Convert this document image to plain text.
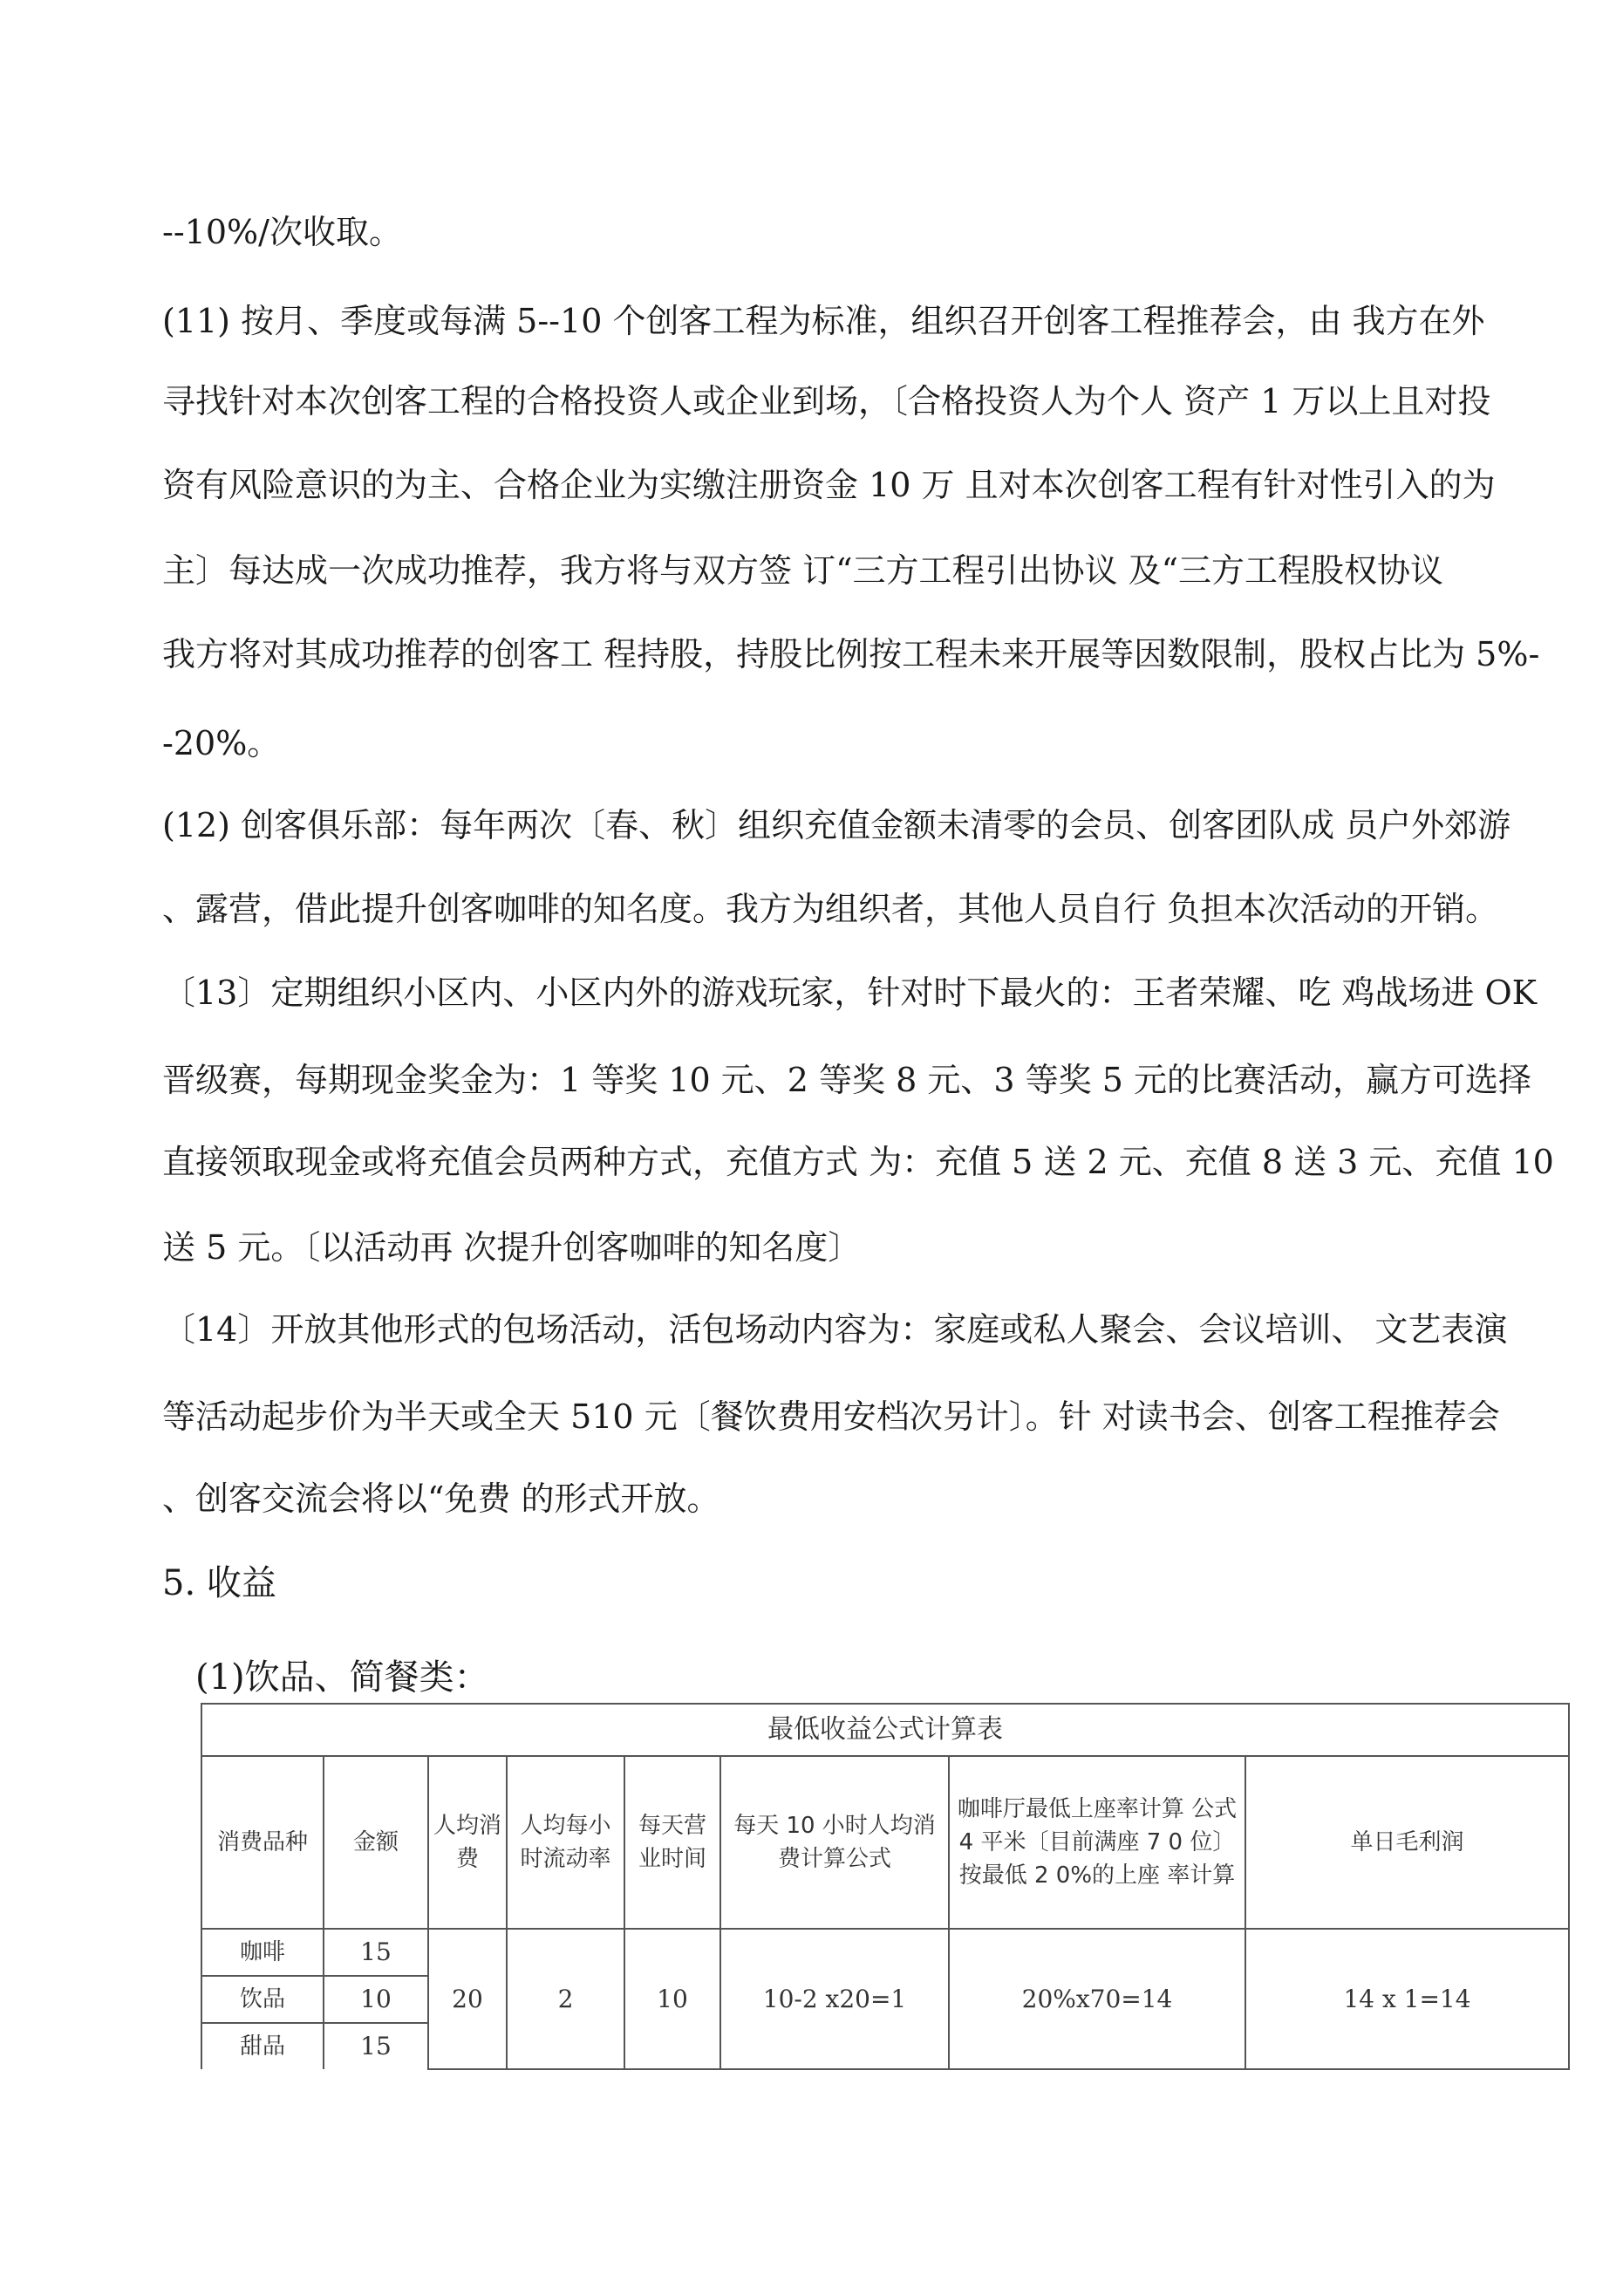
--10%/次收取。
(11) 按月、季度或每满 5--10 个创客工程为标准，组织召开创客工程推荐会，由 我方在外
寻找针对本次创客工程的合格投资人或企业到场，〔合格投资人为个人 资产 1 万以上且对投
资有风险意识的为主、合格企业为实缴注册资金 10 万 且对本次创客工程有针对性引入的为
主〕每达成一次成功推荐，我方将与双方签 订“三方工程引出协议 及“三方工程股权协议
我方将对其成功推荐的创客工 程持股，持股比例按工程未来开展等因数限制，股权占比为 5%-
-20%。
(12) 创客俱乐部：每年两次〔春、秋〕组织充值金额未清零的会员、创客团队成 员户外郊游
、露营，借此提升创客咖啡的知名度。我方为组织者，其他人员自行 负担本次活动的开销。
〔13〕定期组织小区内、小区内外的游戏玩家，针对时下最火的：王者荣耀、吃 鸡战场进 OK
晋级赛，每期现金奖金为：1 等奖 10 元、2 等奖 8 元、3 等奖 5 元的比赛活动，赢方可选择
直接领取现金或将充值会员两种方式，充值方式 为：充值 5 送 2 元、充值 8 送 3 元、充值 10
送 5 元。〔以活动再 次提升创客咖啡的知名度〕
〔14〕开放其他形式的包场活动，活包场动内容为：家庭或私人聚会、会议培训、 文艺表演
等活动起步价为半天或全天 510 元〔餐饮费用安档次另计〕。针 对读书会、创客工程推荐会
、创客交流会将以“免费 的形式开放。
5. 收益
(1)饮品、简餐类：
最低收益公式计算表							
消费品种	金额	人均消费	人均每小时流动率	每天营业时间	每天 10 小时人均消费计算公式	咖啡厅最低上座率计算 公式 4 平米〔目前满座 7 0 位〕按最低 2 0%的上座 率计算	单日毛利润
咖啡	15	20	2	10	10-2 x20=1	20%x70=14	14 x 1=14
饮品	10						
甜品	15						
